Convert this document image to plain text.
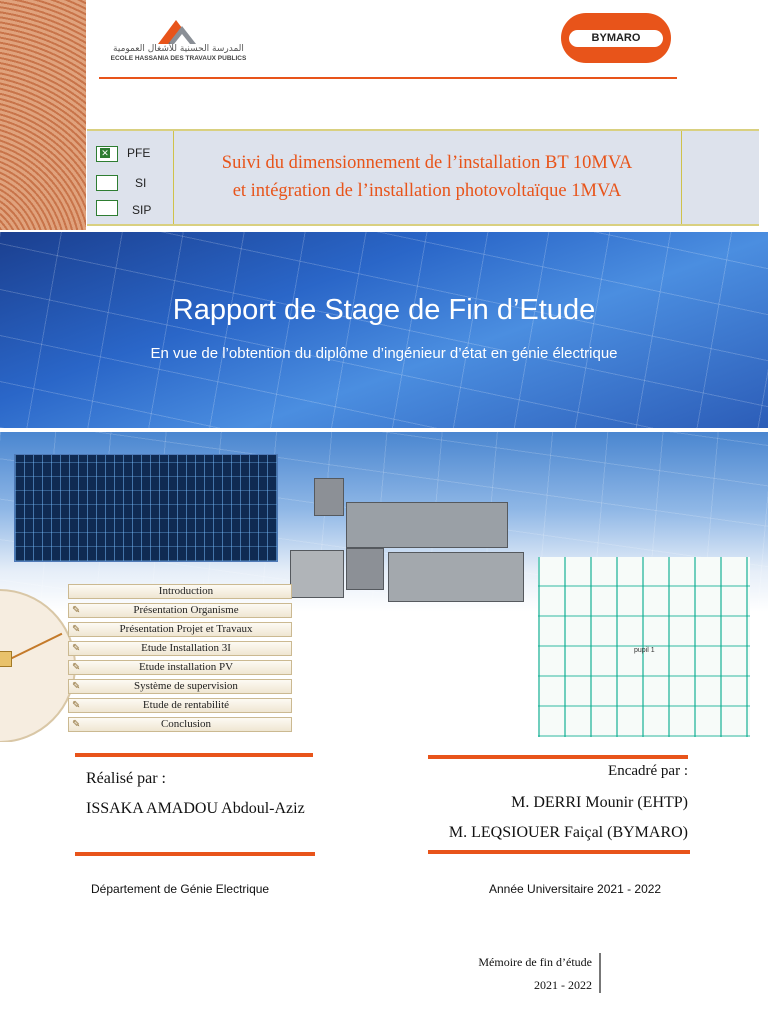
المدرسة الحسنية للأشغال العمومية
ECOLE HASSANIA DES TRAVAUX PUBLICS
BYMARO
✕ PFE
SI
SIP
Suivi du dimensionnement de l’installation BT 10MVA
et intégration de l’installation photovoltaïque 1MVA
Rapport de Stage de Fin d’Etude
En vue de l’obtention du diplôme d’ingénieur d’état en génie électrique
pupil 1
Introduction
✎	Présentation Organisme
✎	Présentation Projet et Travaux
✎	Etude Installation 3I
✎	Etude installation PV
✎	Système de supervision
✎	Etude de rentabilité
✎	Conclusion
Réalisé par :
ISSAKA AMADOU Abdoul-Aziz
Encadré par :
M. DERRI Mounir (EHTP)
M. LEQSIOUER Faiçal (BYMARO)
Département de Génie Electrique	Année Universitaire 2021 - 2022
Mémoire de fin d’étude
2021 - 2022
